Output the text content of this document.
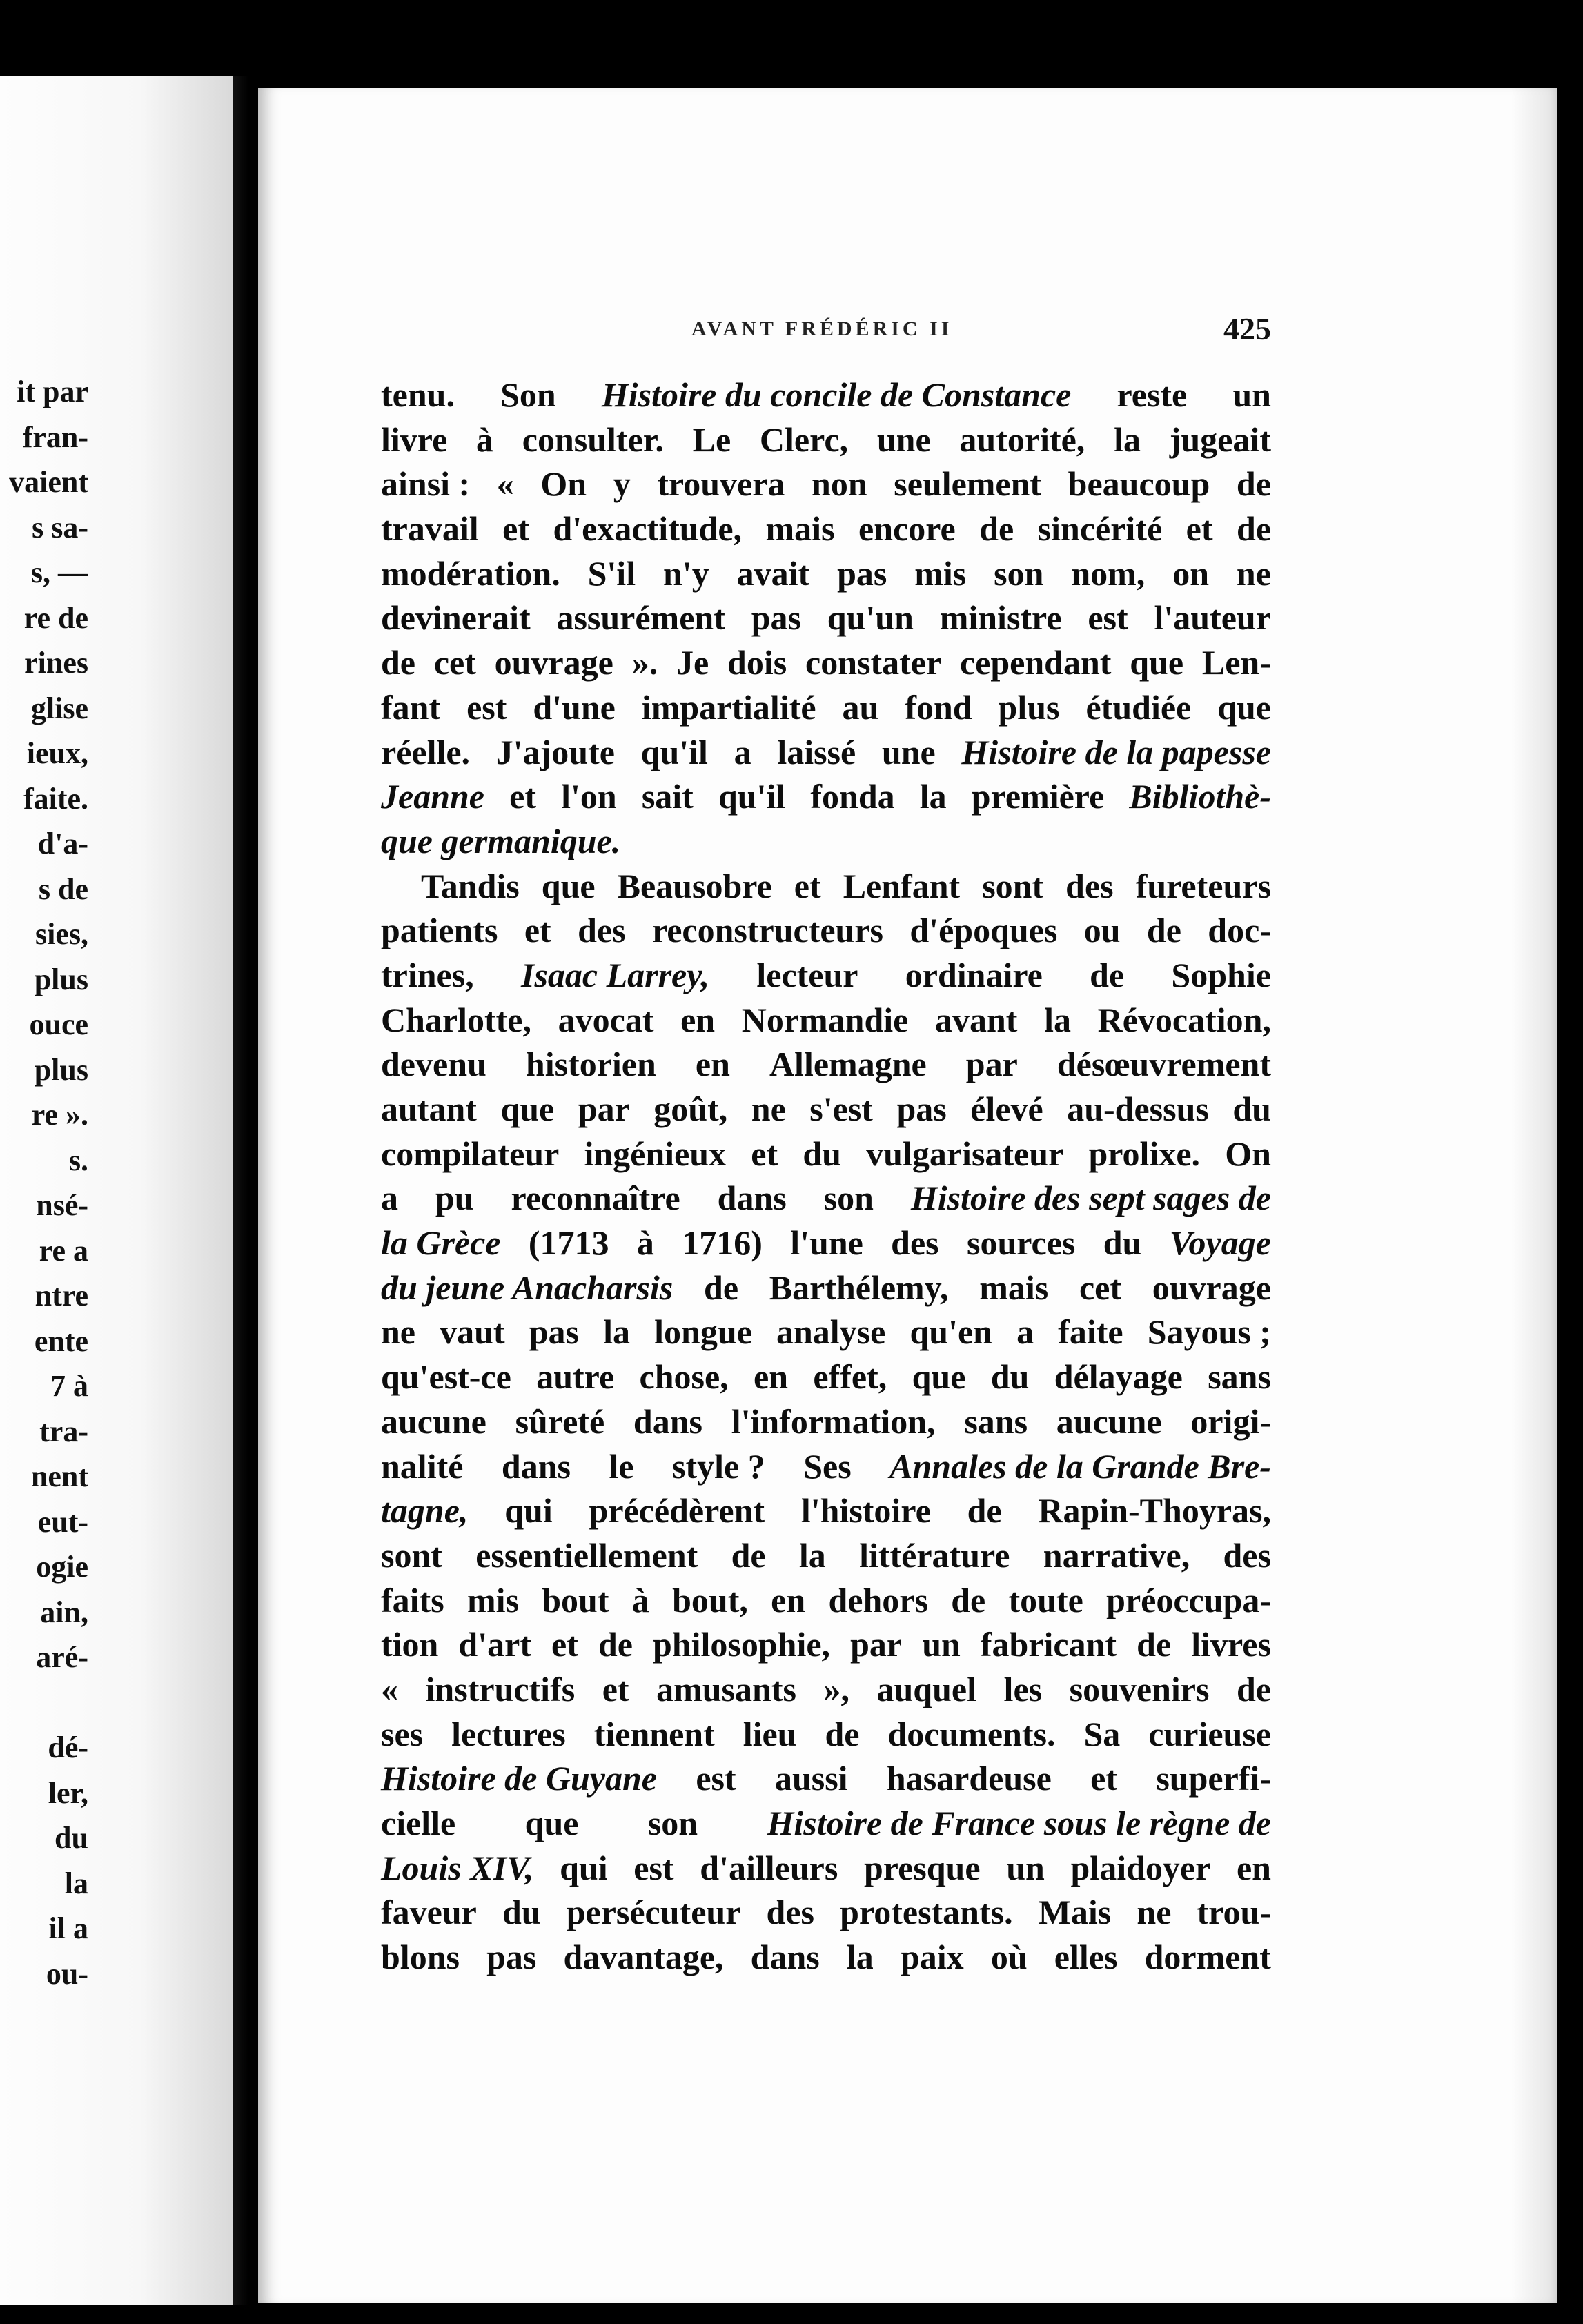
it par
fran-
vaient
s sa-
s, —
re de
rines
glise
ieux,
faite.
d'a-
s de
sies,
plus
ouce
plus
re ».
s.
nsé-
re a
ntre
ente
7 à
tra-
nent
eut-
ogie
ain,
aré-
dé-
ler,
du
la
il a
ou-
AVANT FRÉDÉRIC II	425
tenu. Son Histoire du concile de Constance reste un
livre à consulter. Le Clerc, une autorité, la jugeait
ainsi : « On y trouvera non seulement beaucoup de
travail et d'exactitude, mais encore de sincérité et de
modération. S'il n'y avait pas mis son nom, on ne
devinerait assurément pas qu'un ministre est l'auteur
de cet ouvrage ». Je dois constater cependant que Len-
fant est d'une impartialité au fond plus étudiée que
réelle. J'ajoute qu'il a laissé une Histoire de la papesse
Jeanne et l'on sait qu'il fonda la première Bibliothè-
que germanique.
Tandis que Beausobre et Lenfant sont des fureteurs
patients et des reconstructeurs d'époques ou de doc-
trines, Isaac Larrey, lecteur ordinaire de Sophie
Charlotte, avocat en Normandie avant la Révocation,
devenu historien en Allemagne par désœuvrement
autant que par goût, ne s'est pas élevé au-dessus du
compilateur ingénieux et du vulgarisateur prolixe. On
a pu reconnaître dans son Histoire des sept sages de
la Grèce (1713 à 1716) l'une des sources du Voyage
du jeune Anacharsis de Barthélemy, mais cet ouvrage
ne vaut pas la longue analyse qu'en a faite Sayous ;
qu'est-ce autre chose, en effet, que du délayage sans
aucune sûreté dans l'information, sans aucune origi-
nalité dans le style ? Ses Annales de la Grande Bre-
tagne, qui précédèrent l'histoire de Rapin-Thoyras,
sont essentiellement de la littérature narrative, des
faits mis bout à bout, en dehors de toute préoccupa-
tion d'art et de philosophie, par un fabricant de livres
« instructifs et amusants », auquel les souvenirs de
ses lectures tiennent lieu de documents. Sa curieuse
Histoire de Guyane est aussi hasardeuse et superfi-
cielle que son Histoire de France sous le règne de
Louis XIV, qui est d'ailleurs presque un plaidoyer en
faveur du persécuteur des protestants. Mais ne trou-
blons pas davantage, dans la paix où elles dorment
